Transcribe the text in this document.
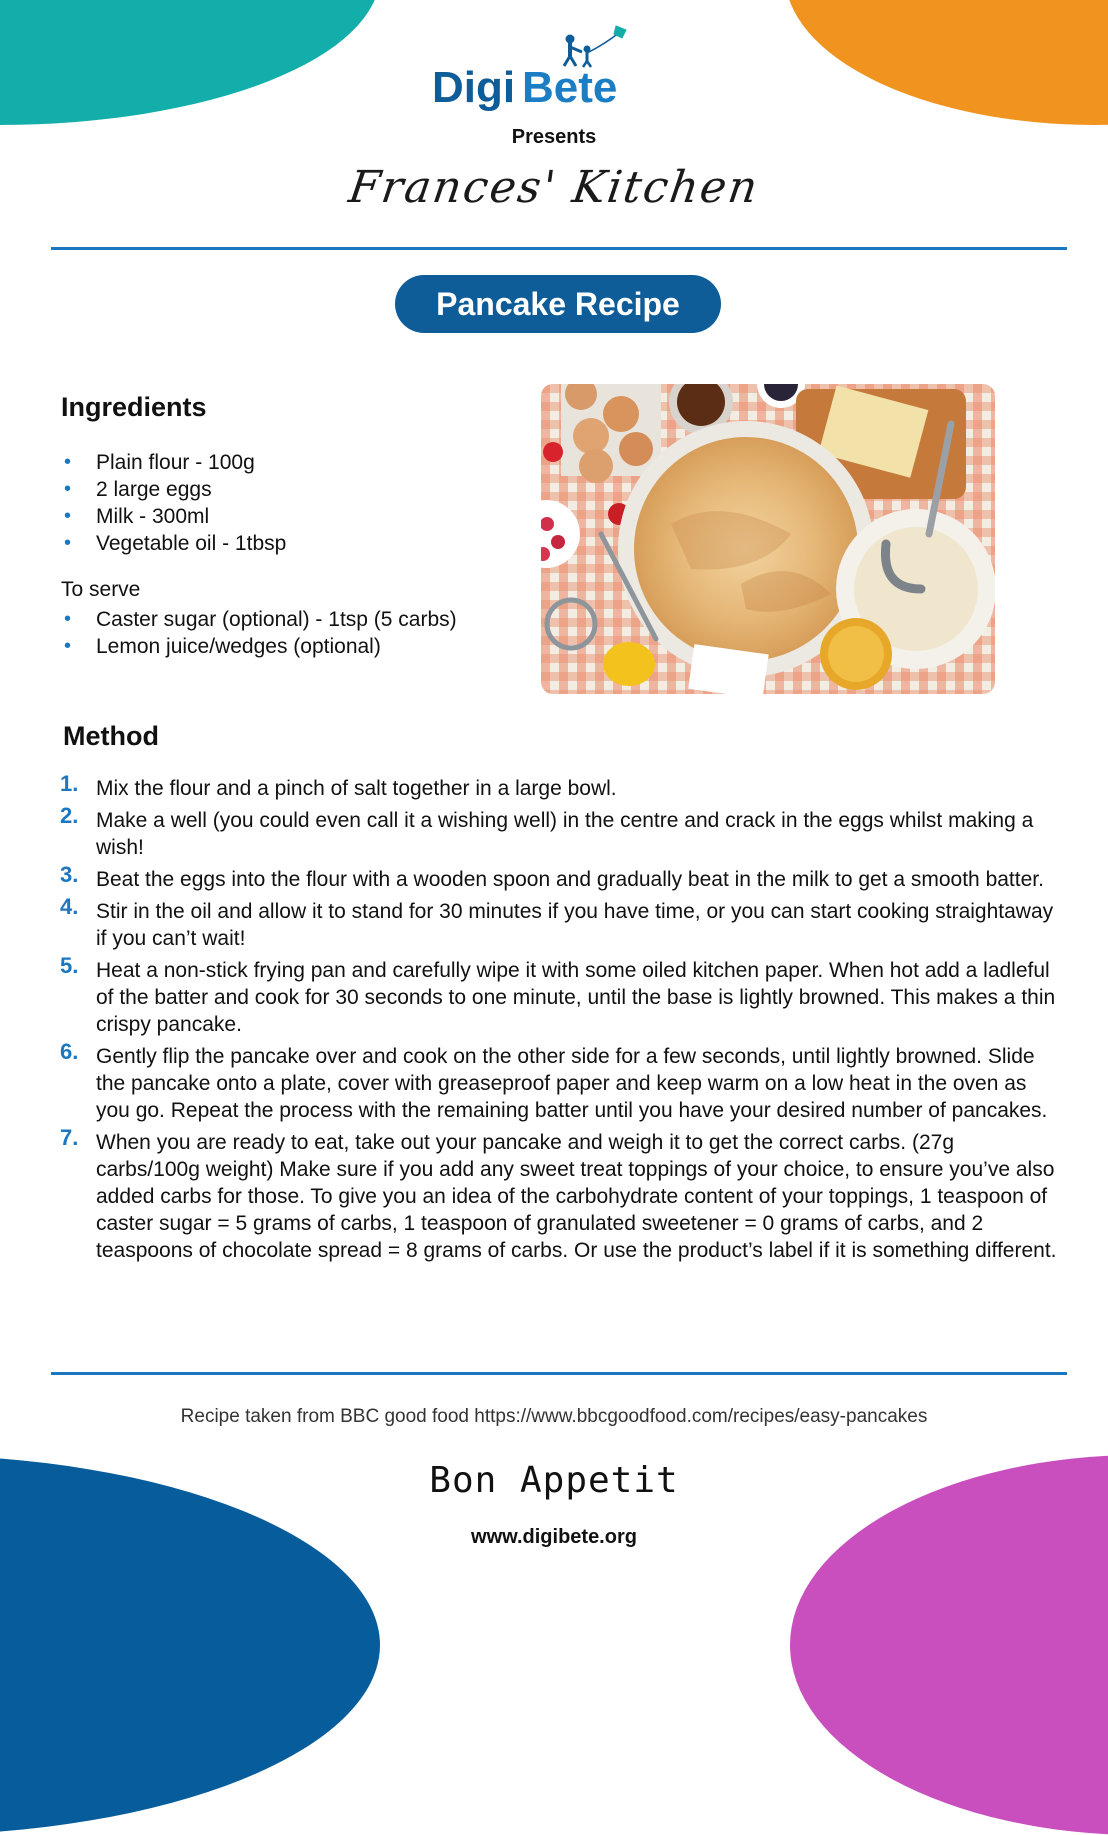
Digi Bete
Presents
Frances' Kitchen
Pancake Recipe
Ingredients
• Plain flour - 100g
• 2 large eggs
• Milk - 300ml
• Vegetable oil - 1tbsp
To serve
• Caster sugar (optional) - 1tsp (5 carbs)
• Lemon juice/wedges (optional)
Method
1. Mix the flour and a pinch of salt together in a large bowl.
2. Make a well (you could even call it a wishing well) in the centre and crack in the eggs whilst making a wish!
3. Beat the eggs into the flour with a wooden spoon and gradually beat in the milk to get a smooth batter.
4. Stir in the oil and allow it to stand for 30 minutes if you have time, or you can start cooking straightaway if you can’t wait!
5. Heat a non-stick frying pan and carefully wipe it with some oiled kitchen paper. When hot add a ladleful of the batter and cook for 30 seconds to one minute, until the base is lightly browned. This makes a thin crispy pancake.
6. Gently flip the pancake over and cook on the other side for a few seconds, until lightly browned. Slide the pancake onto a plate, cover with greaseproof paper and keep warm on a low heat in the oven as you go. Repeat the process with the remaining batter until you have your desired number of pancakes.
7. When you are ready to eat, take out your pancake and weigh it to get the correct carbs. (27g carbs/100g weight) Make sure if you add any sweet treat toppings of your choice, to ensure you’ve also added carbs for those. To give you an idea of the carbohydrate content of your toppings, 1 teaspoon of caster sugar = 5 grams of carbs, 1 teaspoon of granulated sweetener = 0 grams of carbs, and 2 teaspoons of chocolate spread = 8 grams of carbs. Or use the product’s label if it is something different.
Recipe taken from BBC good food https://www.bbcgoodfood.com/recipes/easy-pancakes
Bon Appetit
www.digibete.org
